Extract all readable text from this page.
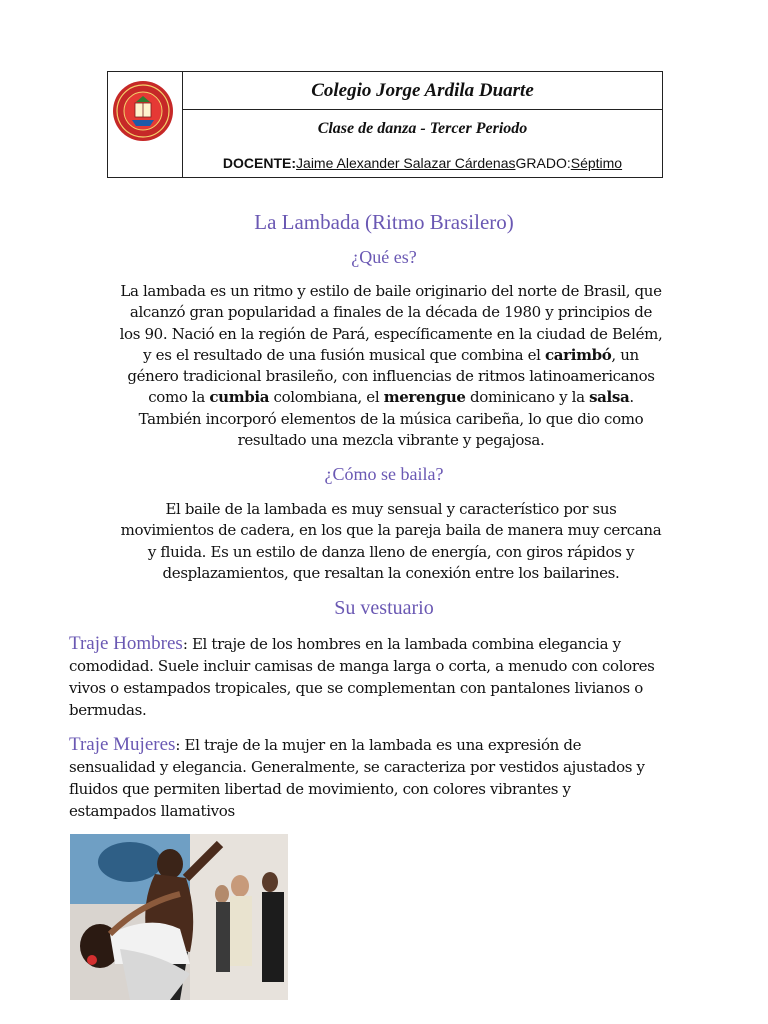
Colegio Jorge Ardila Duarte
Clase de danza - Tercer Periodo
DOCENTE: Jaime Alexander Salazar Cárdenas GRADO: Séptimo
La Lambada (Ritmo Brasilero)
¿Qué es?
La lambada es un ritmo y estilo de baile originario del norte de Brasil, que alcanzó gran popularidad a finales de la década de 1980 y principios de los 90. Nació en la región de Pará, específicamente en la ciudad de Belém, y es el resultado de una fusión musical que combina el carimbó, un género tradicional brasileño, con influencias de ritmos latinoamericanos como la cumbia colombiana, el merengue dominicano y la salsa. También incorporó elementos de la música caribeña, lo que dio como resultado una mezcla vibrante y pegajosa.
¿Cómo se baila?
El baile de la lambada es muy sensual y característico por sus movimientos de cadera, en los que la pareja baila de manera muy cercana y fluida. Es un estilo de danza lleno de energía, con giros rápidos y desplazamientos, que resaltan la conexión entre los bailarines.
Su vestuario
Traje Hombres: El traje de los hombres en la lambada combina elegancia y comodidad. Suele incluir camisas de manga larga o corta, a menudo con colores vivos o estampados tropicales, que se complementan con pantalones livianos o bermudas.
Traje Mujeres: El traje de la mujer en la lambada es una expresión de sensualidad y elegancia. Generalmente, se caracteriza por vestidos ajustados y fluidos que permiten libertad de movimiento, con colores vibrantes y estampados llamativos
